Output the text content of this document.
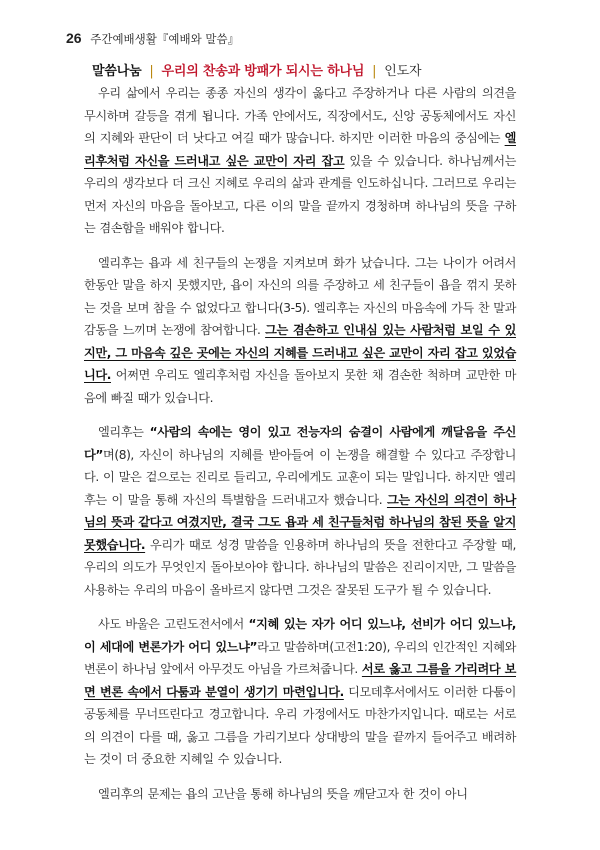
26 주간예배생활『예배와 말씀』
말씀나눔 | 우리의 찬송과 방패가 되시는 하나님 | 인도자

우리 삶에서 우리는 종종 자신의 생각이 옳다고 주장하거나 다른 사람의 의견을 무시하며 갈등을 겪게 됩니다. 가족 안에서도, 직장에서도, 신앙 공동체에서도 자신의 지혜와 판단이 더 낫다고 여길 때가 많습니다. 하지만 이러한 마음의 중심에는 엘리후처럼 자신을 드러내고 싶은 교만이 자리 잡고 있을 수 있습니다. 하나님께서는 우리의 생각보다 더 크신 지혜로 우리의 삶과 관계를 인도하십니다. 그러므로 우리는 먼저 자신의 마음을 돌아보고, 다른 이의 말을 끝까지 경청하며 하나님의 뜻을 구하는 겸손함을 배워야 합니다.

엘리후는 욥과 세 친구들의 논쟁을 지켜보며 화가 났습니다. 그는 나이가 어려서 한동안 말을 하지 못했지만, 욥이 자신의 의를 주장하고 세 친구들이 욥을 꺾지 못하는 것을 보며 참을 수 없었다고 합니다(3-5). 엘리후는 자신의 마음속에 가득 찬 말과 감동을 느끼며 논쟁에 참여합니다. 그는 겸손하고 인내심 있는 사람처럼 보일 수 있지만, 그 마음속 깊은 곳에는 자신의 지혜를 드러내고 싶은 교만이 자리 잡고 있었습니다. 어쩌면 우리도 엘리후처럼 자신을 돌아보지 못한 채 겸손한 척하며 교만한 마음에 빠질 때가 있습니다.

엘리후는 “사람의 속에는 영이 있고 전능자의 숨결이 사람에게 깨달음을 주신다”며(8), 자신이 하나님의 지혜를 받아들여 이 논쟁을 해결할 수 있다고 주장합니다. 이 말은 겉으로는 진리로 들리고, 우리에게도 교훈이 되는 말입니다. 하지만 엘리후는 이 말을 통해 자신의 특별함을 드러내고자 했습니다. 그는 자신의 의견이 하나님의 뜻과 같다고 여겼지만, 결국 그도 욥과 세 친구들처럼 하나님의 참된 뜻을 알지 못했습니다. 우리가 때로 성경 말씀을 인용하며 하나님의 뜻을 전한다고 주장할 때, 우리의 의도가 무엇인지 돌아보아야 합니다. 하나님의 말씀은 진리이지만, 그 말씀을 사용하는 우리의 마음이 올바르지 않다면 그것은 잘못된 도구가 될 수 있습니다.

사도 바울은 고린도전서에서 “지혜 있는 자가 어디 있느냐, 선비가 어디 있느냐, 이 세대에 변론가가 어디 있느냐”라고 말씀하며(고전1:20), 우리의 인간적인 지혜와 변론이 하나님 앞에서 아무것도 아님을 가르쳐줍니다. 서로 옳고 그름을 가리려다 보면 변론 속에서 다툼과 분열이 생기기 마련입니다. 디모데후서에서도 이러한 다툼이 공동체를 무너뜨린다고 경고합니다. 우리 가정에서도 마찬가지입니다. 때로는 서로의 의견이 다를 때, 옳고 그름을 가리기보다 상대방의 말을 끝까지 들어주고 배려하는 것이 더 중요한 지혜일 수 있습니다.

엘리후의 문제는 욥의 고난을 통해 하나님의 뜻을 깨닫고자 한 것이 아니
